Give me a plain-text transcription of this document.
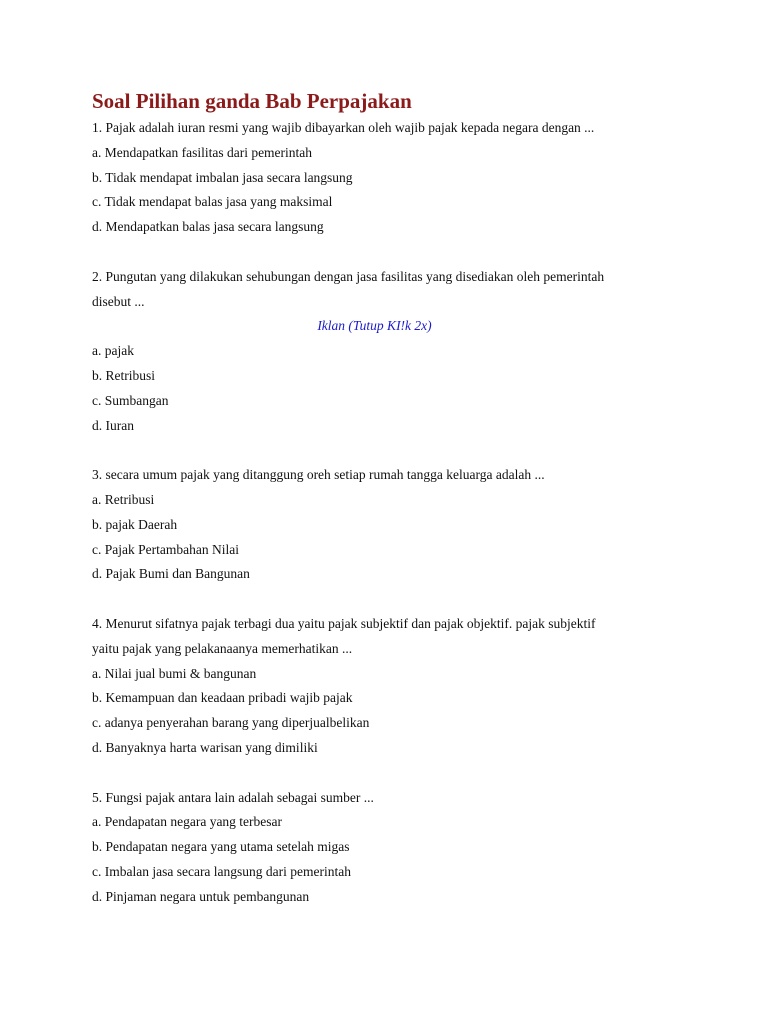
Soal Pilihan ganda Bab Perpajakan
1. Pajak adalah iuran resmi yang wajib dibayarkan oleh wajib pajak kepada negara dengan ...
a. Mendapatkan fasilitas dari pemerintah
b. Tidak mendapat imbalan jasa secara langsung
c. Tidak mendapat balas jasa yang maksimal
d. Mendapatkan balas jasa secara langsung
2. Pungutan yang dilakukan sehubungan dengan jasa fasilitas yang disediakan oleh pemerintah
disebut ...
Iklan (Tutup KI!k 2x)
a. pajak
b. Retribusi
c. Sumbangan
d. Iuran
3. secara umum pajak yang ditanggung oreh setiap rumah tangga keluarga adalah ...
a. Retribusi
b. pajak Daerah
c. Pajak Pertambahan Nilai
d. Pajak Bumi dan Bangunan
4. Menurut sifatnya pajak terbagi dua yaitu pajak subjektif dan pajak objektif. pajak subjektif
yaitu pajak yang pelakanaanya memerhatikan ...
a. Nilai jual bumi & bangunan
b. Kemampuan dan keadaan pribadi wajib pajak
c. adanya penyerahan barang yang diperjualbelikan
d. Banyaknya harta warisan yang dimiliki
5. Fungsi pajak antara lain adalah sebagai sumber ...
a. Pendapatan negara yang terbesar
b. Pendapatan negara yang utama setelah migas
c. Imbalan jasa secara langsung dari pemerintah
d. Pinjaman negara untuk pembangunan
